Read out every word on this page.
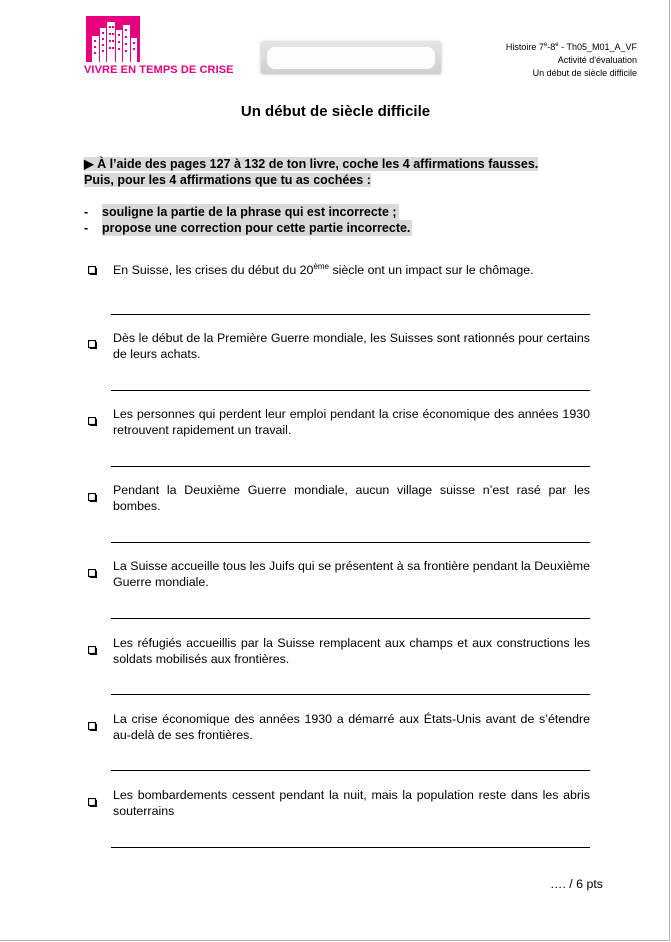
VIVRE EN TEMPS DE CRISE
Histoire 7e-8e - Th05_M01_A_VF
Activité d'évaluation
Un début de siècle difficile
Un début de siècle difficile
▶ À l’aide des pages 127 à 132 de ton livre, coche les 4 affirmations fausses.
Puis, pour les 4 affirmations que tu as cochées :
- souligne la partie de la phrase qui est incorrecte ;
- propose une correction pour cette partie incorrecte.
En Suisse, les crises du début du 20ème siècle ont un impact sur le chômage.
Dès le début de la Première Guerre mondiale, les Suisses sont rationnés pour certains de leurs achats.
Les personnes qui perdent leur emploi pendant la crise économique des années 1930 retrouvent rapidement un travail.
Pendant la Deuxième Guerre mondiale, aucun village suisse n’est rasé par les bombes.
La Suisse accueille tous les Juifs qui se présentent à sa frontière pendant la Deuxième Guerre mondiale.
Les réfugiés accueillis par la Suisse remplacent aux champs et aux constructions les soldats mobilisés aux frontières.
La crise économique des années 1930 a démarré aux États-Unis avant de s’étendre au-delà de ses frontières.
Les bombardements cessent pendant la nuit, mais la population reste dans les abris souterrains
…. / 6 pts
